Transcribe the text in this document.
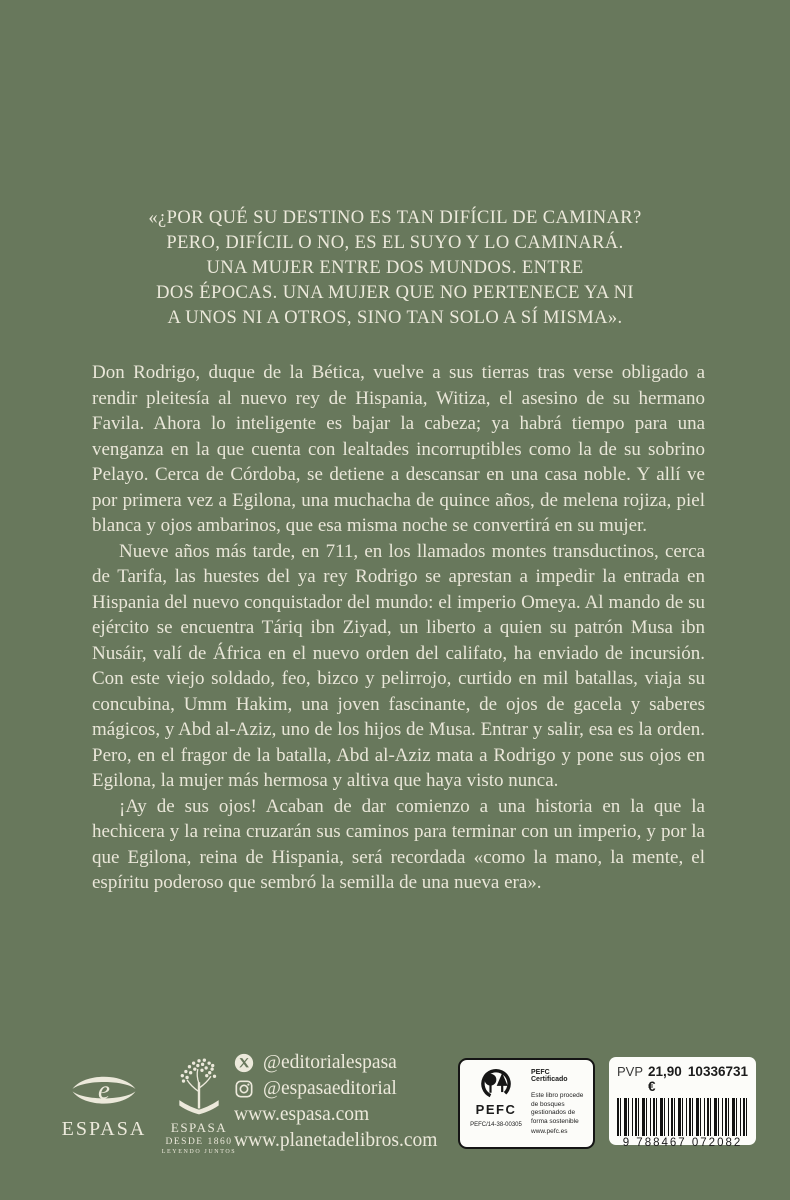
«¿POR QUÉ SU DESTINO ES TAN DIFÍCIL DE CAMINAR?
PERO, DIFÍCIL O NO, ES EL SUYO Y LO CAMINARÁ.
UNA MUJER ENTRE DOS MUNDOS. ENTRE
DOS ÉPOCAS. UNA MUJER QUE NO PERTENECE YA NI
A UNOS NI A OTROS, SINO TAN SOLO A SÍ MISMA».

Don Rodrigo, duque de la Bética, vuelve a sus tierras tras verse obligado a rendir pleitesía al nuevo rey de Hispania, Witiza, el asesino de su hermano Favila. Ahora lo inteligente es bajar la cabeza; ya habrá tiempo para una venganza en la que cuenta con lealtades incorruptibles como la de su sobrino Pelayo. Cerca de Córdoba, se detiene a descansar en una casa noble. Y allí ve por primera vez a Egilona, una muchacha de quince años, de melena rojiza, piel blanca y ojos ambarinos, que esa misma noche se convertirá en su mujer.

Nueve años más tarde, en 711, en los llamados montes transductinos, cerca de Tarifa, las huestes del ya rey Rodrigo se aprestan a impedir la entrada en Hispania del nuevo conquistador del mundo: el imperio Omeya. Al mando de su ejército se encuentra Táriq ibn Ziyad, un liberto a quien su patrón Musa ibn Nusáir, valí de África en el nuevo orden del califato, ha enviado de incursión. Con este viejo soldado, feo, bizco y pelirrojo, curtido en mil batallas, viaja su concubina, Umm Hakim, una joven fascinante, de ojos de gacela y saberes mágicos, y Abd al-Aziz, uno de los hijos de Musa. Entrar y salir, esa es la orden. Pero, en el fragor de la batalla, Abd al-Aziz mata a Rodrigo y pone sus ojos en Egilona, la mujer más hermosa y altiva que haya visto nunca.

¡Ay de sus ojos! Acaban de dar comienzo a una historia en la que la hechicera y la reina cruzarán sus caminos para terminar con un imperio, y por la que Egilona, reina de Hispania, será recordada «como la mano, la mente, el espíritu poderoso que sembró la semilla de una nueva era».

e
ESPASA	ESPASA
DESDE 1860
LEYENDO JUNTOS
@editorialespasa
@espasaeditorial
www.espasa.com
www.planetadelibros.com
PEFC
PEFC/14-38-00305
PEFC Certificado
Este libro procede de bosques gestionados de forma sostenible
www.pefc.es
PVP 21,90 €
10336731
9 788467 072082
